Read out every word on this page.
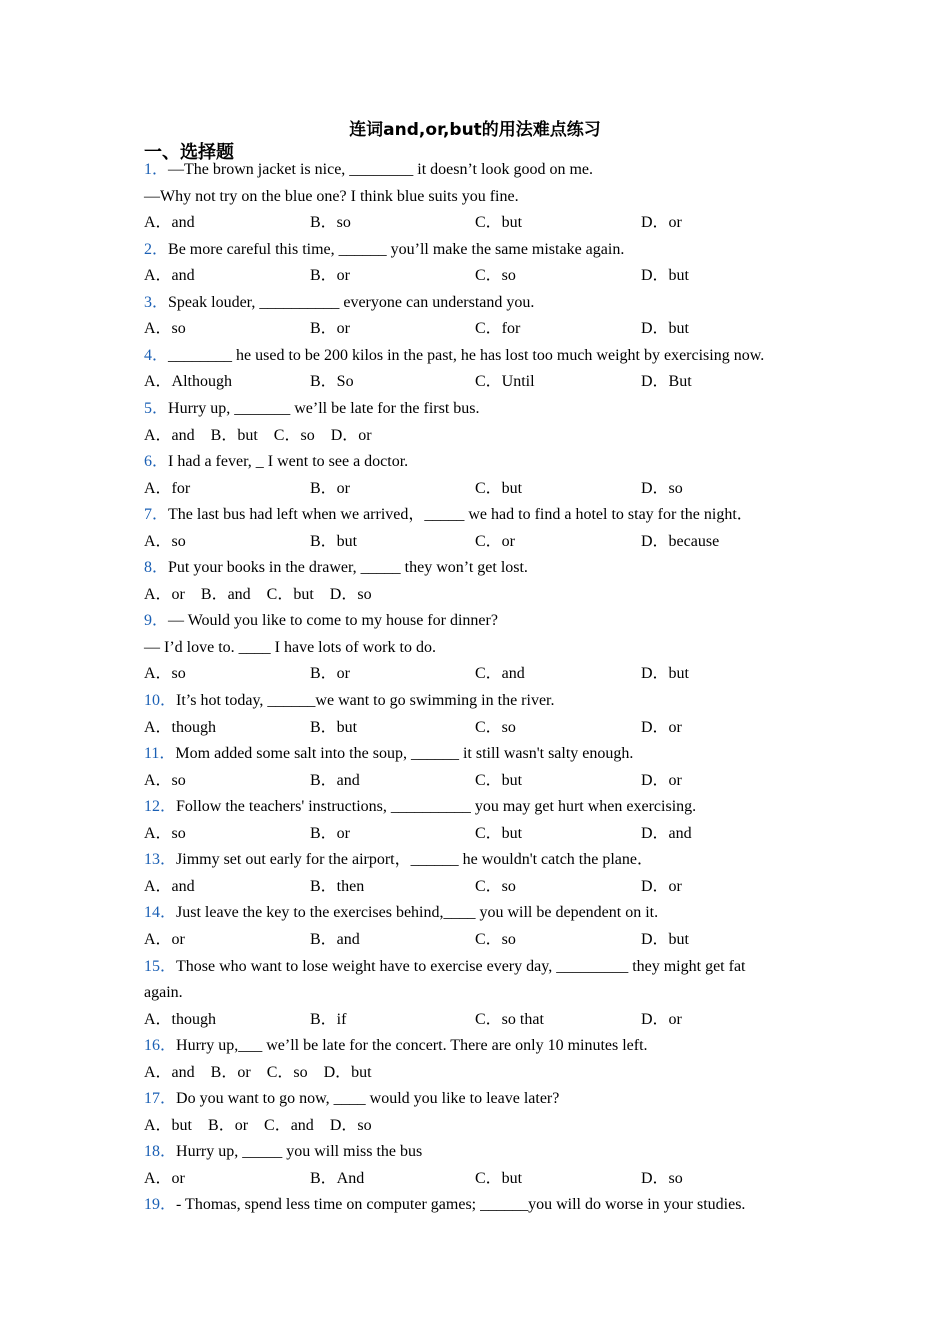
连词and,or,but的用法难点练习
一、选择题
1．—The brown jacket is nice, ________ it doesn’t look good on me.
—Why not try on the blue one? I think blue suits you fine.
A．and	B．so	C．but	D．or
2．Be more careful this time, ______ you’ll make the same mistake again.
A．and	B．or	C．so	D．but
3．Speak louder, __________ everyone can understand you.
A．so	B．or	C．for	D．but
4．________ he used to be 200 kilos in the past, he has lost too much weight by exercising now.
A．Although	B．So	C．Until	D．But
5．Hurry up, _______ we’ll be late for the first bus.
A．and B．but C．so D．or
6．I had a fever, _ I went to see a doctor.
A．for	B．or	C．but	D．so
7．The last bus had left when we arrived，_____ we had to find a hotel to stay for the night．
A．so	B．but	C．or	D．because
8．Put your books in the drawer, _____ they won’t get lost.
A．or B．and C．but D．so
9．— Would you like to come to my house for dinner?
— I’d love to. ____ I have lots of work to do.
A．so	B．or	C．and	D．but
10．It’s hot today, ______we want to go swimming in the river.
A．though	B．but	C．so	D．or
11．Mom added some salt into the soup, ______ it still wasn't salty enough.
A．so	B．and	C．but	D．or
12．Follow the teachers' instructions, __________ you may get hurt when exercising.
A．so	B．or	C．but	D．and
13．Jimmy set out early for the airport，______ he wouldn't catch the plane．
A．and	B．then	C．so	D．or
14．Just leave the key to the exercises behind,____ you will be dependent on it.
A．or	B．and	C．so	D．but
15．Those who want to lose weight have to exercise every day, _________ they might get fat
again.
A．though	B．if	C．so that	D．or
16．Hurry up,___ we’ll be late for the concert. There are only 10 minutes left.
A．and B．or C．so D．but
17．Do you want to go now, ____ would you like to leave later?
A．but B．or C．and D．so
18．Hurry up, _____ you will miss the bus
A．or	B．And	C．but	D．so
19．- Thomas, spend less time on computer games; ______you will do worse in your studies.
